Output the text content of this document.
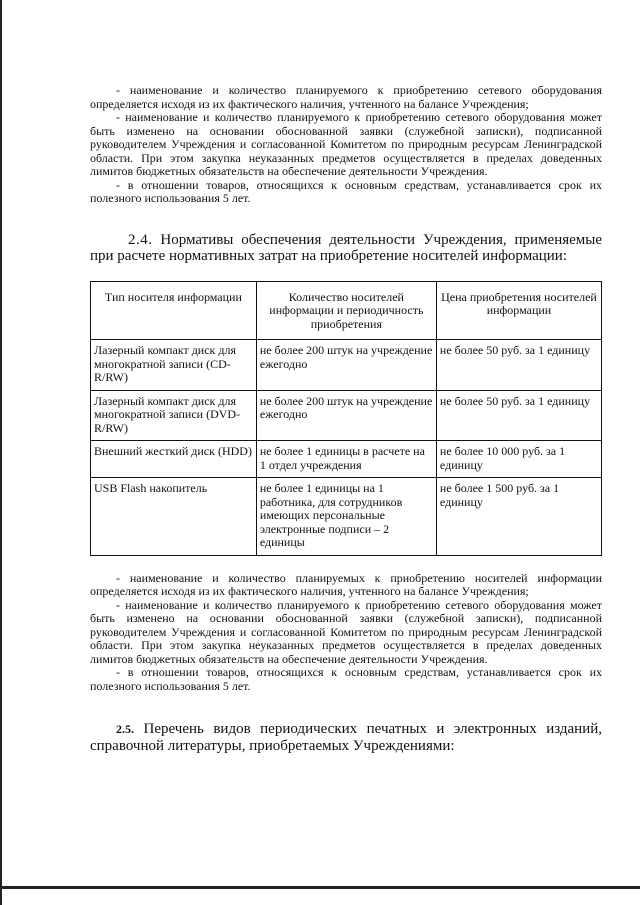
- наименование и количество планируемого к приобретению сетевого оборудования определяется исходя из их фактического наличия, учтенного на балансе Учреждения;

- наименование и количество планируемого к приобретению сетевого оборудования может быть изменено на основании обоснованной заявки (служебной записки), подписанной руководителем Учреждения и согласованной Комитетом по природным ресурсам Ленинградской области. При этом закупка неуказанных предметов осуществляется в пределах доведенных лимитов бюджетных обязательств на обеспечение деятельности Учреждения.

- в отношении товаров, относящихся к основным средствам, устанавливается срок их полезного использования 5 лет.

2.4. Нормативы обеспечения деятельности Учреждения, применяемые при расчете нормативных затрат на приобретение носителей информации:

Тип носителя информации	Количество носителей информации и периодичность приобретения	Цена приобретения носителей информации
Лазерный компакт диск для многократной записи (CD-R/RW)	не более 200 штук на учреждение ежегодно	не более 50 руб. за 1 единицу
Лазерный компакт диск для многократной записи (DVD-R/RW)	не более 200 штук на учреждение ежегодно	не более 50 руб. за 1 единицу
Внешний жесткий диск (HDD)	не более 1 единицы в расчете на 1 отдел учреждения	не более 10 000 руб. за 1 единицу
USB Flash накопитель	не более 1 единицы на 1 работника, для сотрудников имеющих персональные электронные подписи – 2 единицы	не более 1 500 руб. за 1 единицу

- наименование и количество планируемых к приобретению носителей информации определяется исходя из их фактического наличия, учтенного на балансе Учреждения;

- наименование и количество планируемого к приобретению сетевого оборудования может быть изменено на основании обоснованной заявки (служебной записки), подписанной руководителем Учреждения и согласованной Комитетом по природным ресурсам Ленинградской области. При этом закупка неуказанных предметов осуществляется в пределах доведенных лимитов бюджетных обязательств на обеспечение деятельности Учреждения.

- в отношении товаров, относящихся к основным средствам, устанавливается срок их полезного использования 5 лет.

2.5. Перечень видов периодических печатных и электронных изданий, справочной литературы, приобретаемых Учреждениями:
